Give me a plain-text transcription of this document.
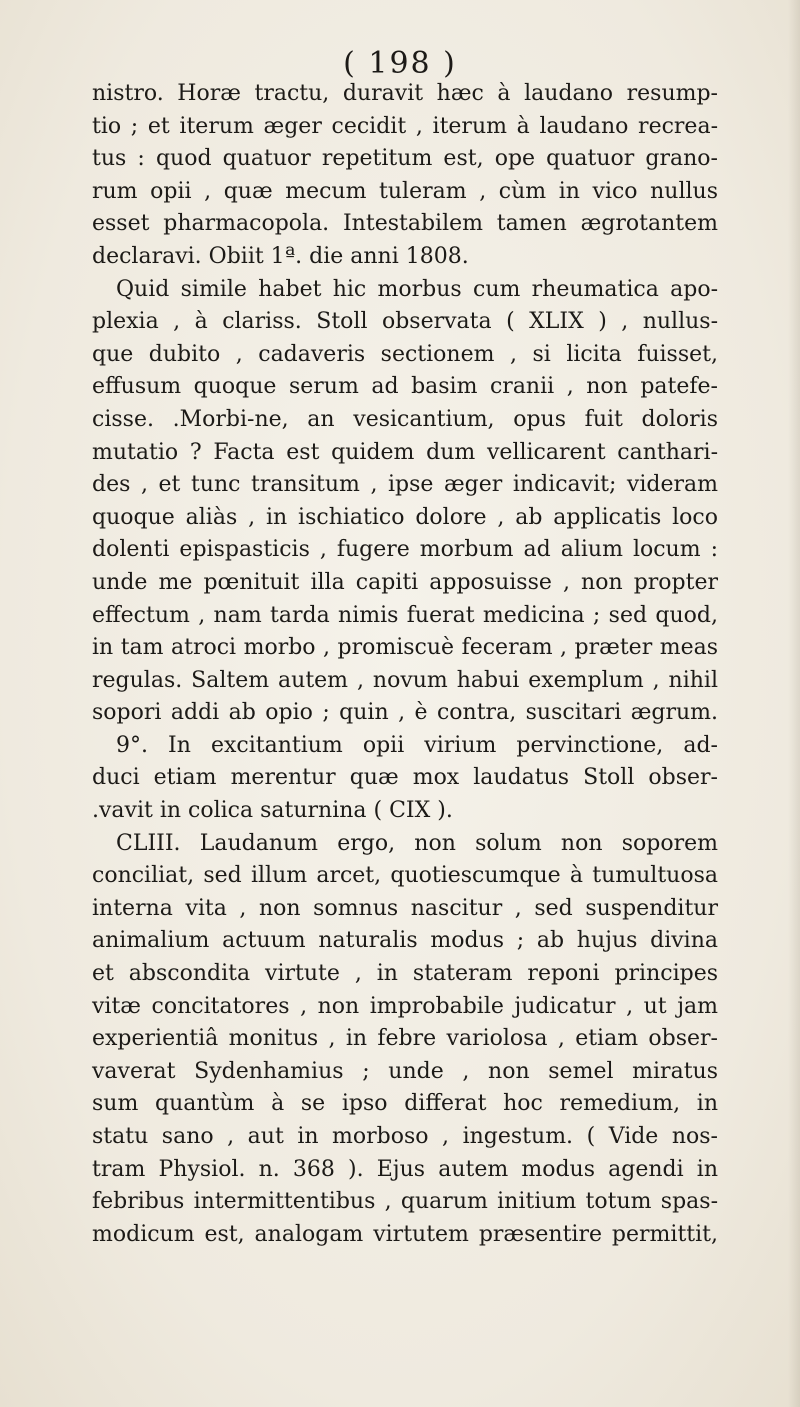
( 198 )
nistro. Horæ tractu, duravit hæc à laudano resump-
tio ; et iterum æger cecidit , iterum à laudano recrea-
tus : quod quatuor repetitum est, ope quatuor grano-
rum opii , quæ mecum tuleram , cùm in vico nullus
esset pharmacopola. Intestabilem tamen ægrotantem
declaravi. Obiit 1ª. die anni 1808.
Quid simile habet hic morbus cum rheumatica apo-
plexia , à clariss. Stoll observata ( XLIX ) , nullus-
que dubito , cadaveris sectionem , si licita fuisset,
effusum quoque serum ad basim cranii , non patefe-
cisse. .Morbi-ne, an vesicantium, opus fuit doloris
mutatio ? Facta est quidem dum vellicarent canthari-
des , et tunc transitum , ipse æger indicavit; videram
quoque aliàs , in ischiatico dolore , ab applicatis loco
dolenti epispasticis , fugere morbum ad alium locum :
unde me pœnituit illa capiti apposuisse , non propter
effectum , nam tarda nimis fuerat medicina ; sed quod,
in tam atroci morbo , promiscuè feceram , præter meas
regulas. Saltem autem , novum habui exemplum , nihil
sopori addi ab opio ; quin , è contra, suscitari ægrum.
9°. In excitantium opii virium pervinctione, ad-
duci etiam merentur quæ mox laudatus Stoll obser-
.vavit in colica saturnina ( CIX ).
CLIII. Laudanum ergo, non solum non soporem
conciliat, sed illum arcet, quotiescumque à tumultuosa
interna vita , non somnus nascitur , sed suspenditur
animalium actuum naturalis modus ; ab hujus divina
et abscondita virtute , in stateram reponi principes
vitæ concitatores , non improbabile judicatur , ut jam
experientiâ monitus , in febre variolosa , etiam obser-
vaverat Sydenhamius ; unde , non semel miratus
sum quantùm à se ipso differat hoc remedium, in
statu sano , aut in morboso , ingestum. ( Vide nos-
tram Physiol. n. 368 ). Ejus autem modus agendi in
febribus intermittentibus , quarum initium totum spas-
modicum est, analogam virtutem præsentire permittit,
